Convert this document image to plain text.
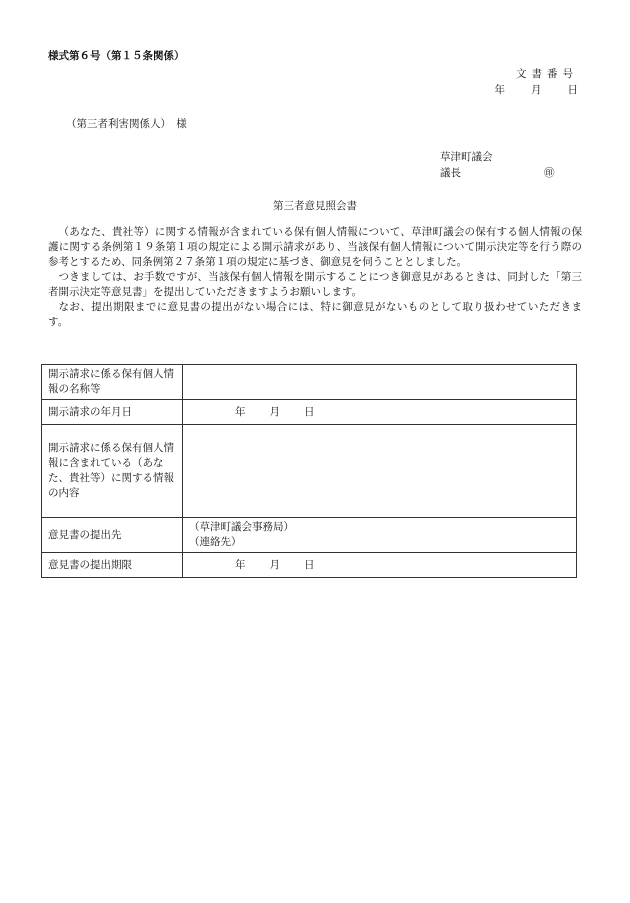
様式第６号（第１５条関係）
文書番号
年 月 日
（第三者利害関係人）　様
草津町議会
議長	㊞
第三者意見照会書

（あなた、貴社等）に関する情報が含まれている保有個人情報について、草津町議会の保有する個人情報の保護に関する条例第１９条第１項の規定による開示請求があり、当該保有個人情報について開示決定等を行う際の参考とするため、同条例第２７条第１項の規定に基づき、御意見を伺うこととしました。

つきましては、お手数ですが、当該保有個人情報を開示することにつき御意見があるときは、同封した「第三者開示決定等意見書」を提出していただきますようお願いします。

なお、提出期限までに意見書の提出がない場合には、特に御意見がないものとして取り扱わせていただきます。

開示請求に係る保有個人情報の名称等	
開示請求の年月日	年 月 日
開示請求に係る保有個人情報に含まれている（あなた、貴社等）に関する情報の内容	
意見書の提出先	（草津町議会事務局）
（連絡先）

意見書の提出期限	年 月 日
